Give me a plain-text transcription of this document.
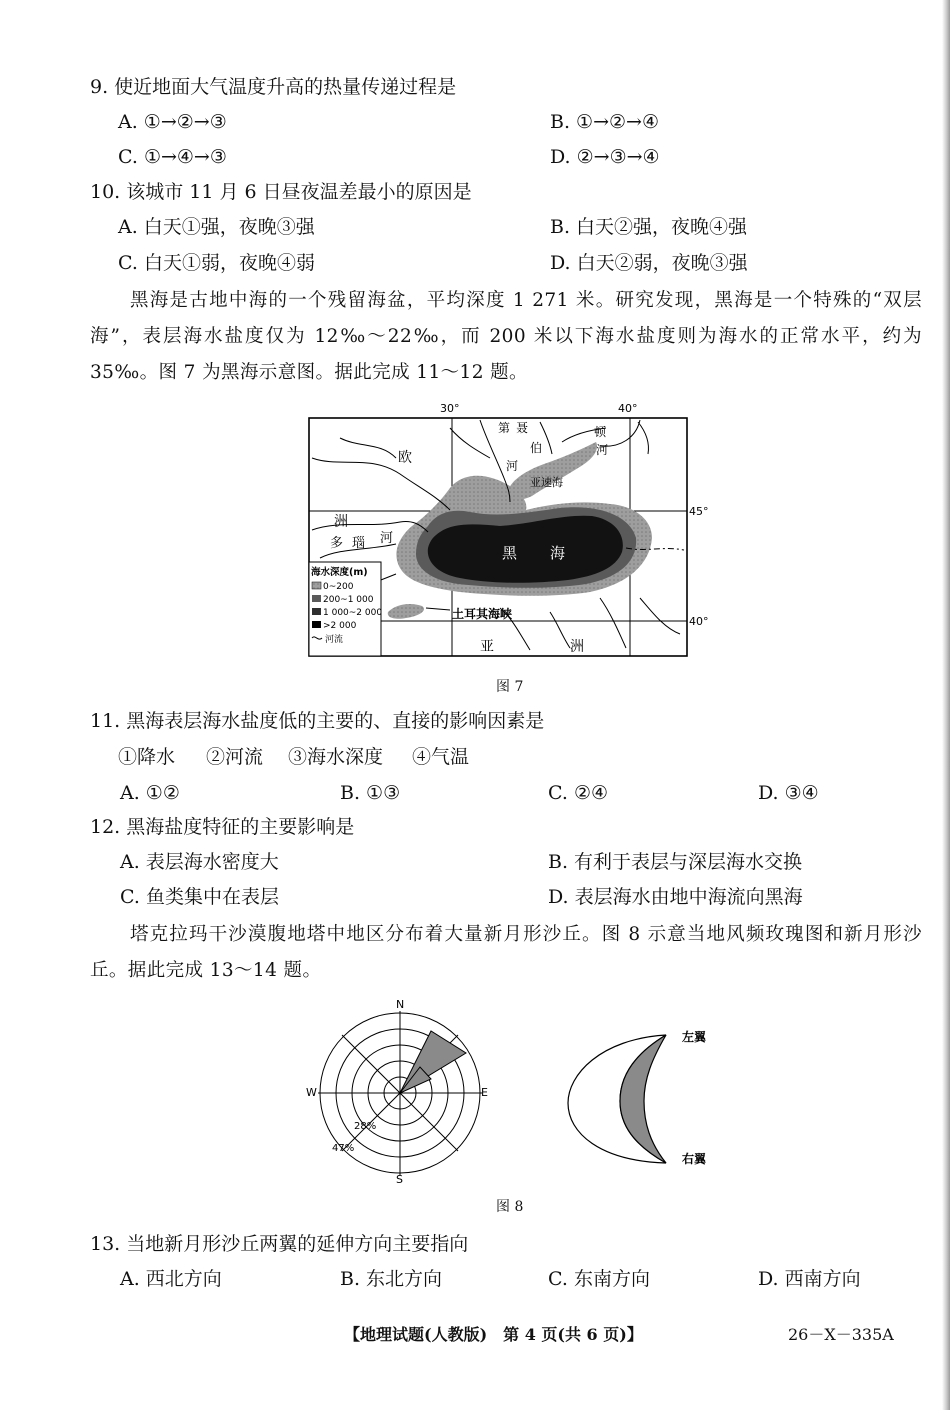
9. 使近地面大气温度升高的热量传递过程是
A. ①→②→③	B. ①→②→④
C. ①→④→③	D. ②→③→④
10. 该城市 11 月 6 日昼夜温差最小的原因是
A. 白天①强，夜晚③强	B. 白天②强，夜晚④强
C. 白天①弱，夜晚④弱	D. 白天②弱，夜晚③强
黑海是古地中海的一个残留海盆，平均深度 1 271 米。研究发现，黑海是一个特殊的“双层海”，表层海水盐度仅为 12‰～22‰，而 200 米以下海水盐度则为海水的正常水平，约为 35‰。图 7 为黑海示意图。据此完成 11～12 题。
30°	40°
45°
40°
欧
洲
第 聂
伯
河
顿
河
亚速海
多 瑙 河
黑 海
土耳其海峡
亚	洲
海水深度(m)
0~200
200~1 000
1 000~2 000
>2 000
河流
图 7
11. 黑海表层海水盐度低的主要的、直接的影响因素是
①降水 ②河流 ③海水深度 ④气温
A. ①②	B. ①③	C. ②④	D. ③④
12. 黑海盐度特征的主要影响是
A. 表层海水密度大	B. 有利于表层与深层海水交换
C. 鱼类集中在表层	D. 表层海水由地中海流向黑海
塔克拉玛干沙漠腹地塔中地区分布着大量新月形沙丘。图 8 示意当地风频玫瑰图和新月形沙丘。据此完成 13～14 题。
N
S
E
W
28%
47%
左翼
右翼
图 8
13. 当地新月形沙丘两翼的延伸方向主要指向
A. 西北方向	B. 东北方向	C. 东南方向	D. 西南方向
【地理试题(人教版)　第 4 页(共 6 页)】	26－X－335A
